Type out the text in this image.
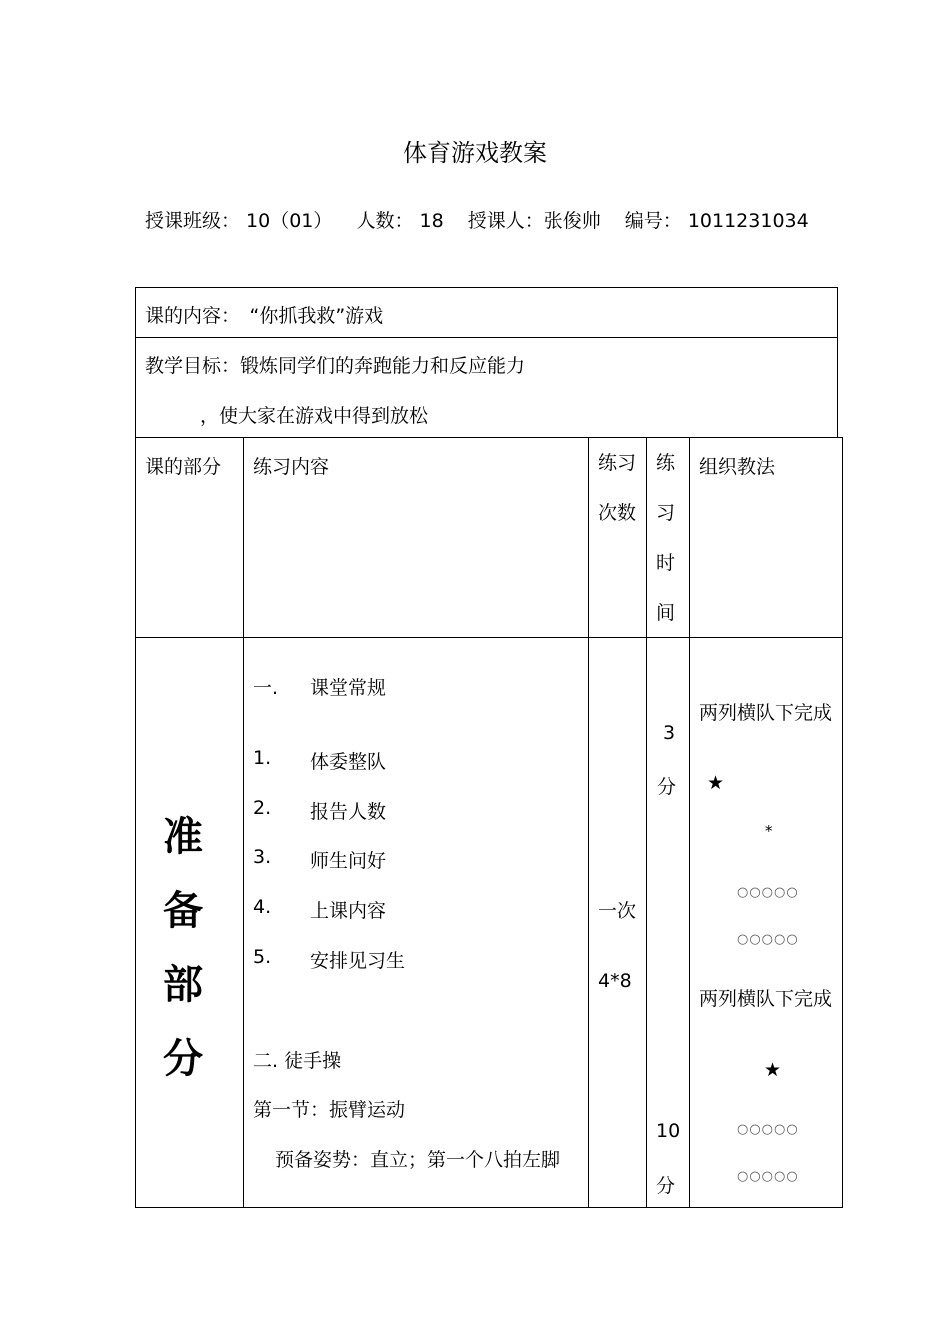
体育游戏教案
授课班级： 10（01） 人数： 18 授课人：张俊帅 编号： 1011231034
课的内容：　“你抓我救”游戏
教学目标：锻炼同学们的奔跑能力和反应能力
，使大家在游戏中得到放松
课的部分 练习内容	练习
次数
练
习
时
间
组织教法
准
备
部
分
一. 课堂常规
1. 体委整队
2. 报告人数
3. 师生问好
4. 上课内容
5. 安排见习生
二. 徒手操
第一节：振臂运动
预备姿势：直立；第一个八拍左脚
一次
4*8
3
分
10
分
两列横队下完成
★
*
○○○○○
○○○○○
两列横队下完成
★
○○○○○
○○○○○
